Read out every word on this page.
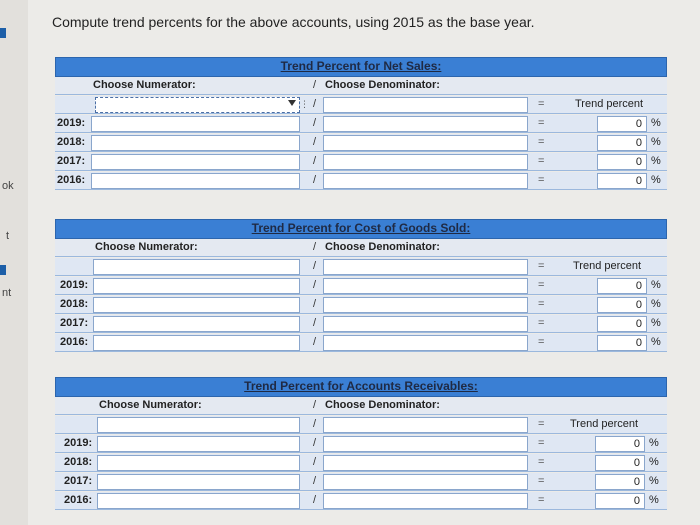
ok
t
nt
Compute trend percents for the above accounts, using 2015 as the base year.
Trend Percent for Net Sales:
Choose Numerator:	/ Choose Denominator:
⋮ /	=	Trend percent
2019:	/	=	0 %
2018:	/	=	0 %
2017:	/	=	0 %
2016:	/	=	0 %
Trend Percent for Cost of Goods Sold:
Choose Numerator:	/ Choose Denominator:
/	=	Trend percent
2019:	/	=	0 %
2018:	/	=	0 %
2017:	/	=	0 %
2016:	/	=	0 %
Trend Percent for Accounts Receivables:
Choose Numerator:	/ Choose Denominator:
/	= Trend percent
2019:	/	=	0 %
2018:	/	=	0 %
2017:	/	=	0 %
2016:	/	=	0 %
